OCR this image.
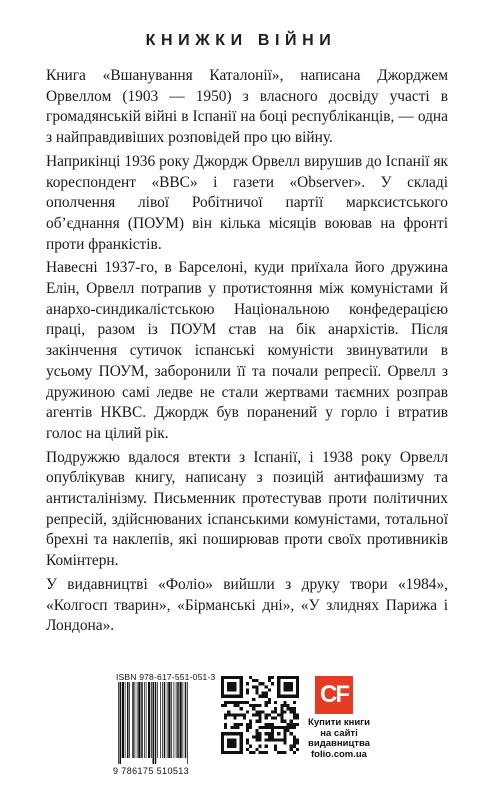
КНИЖКИ ВІЙНИ

Книга «Вшанування Каталонії», написана Джорджем Орвеллом (1903 — 1950) з власного досвіду участі в громадянській війні в Іспанії на боці республіканців, — одна з найправдивіших розповідей про цю війну.

Наприкінці 1936 року Джордж Орвелл вирушив до Іспанії як кореспондент «BBC» і газети «Observer». У складі ополчення лівої Робітничої партії марксистського об’єднання (ПОУМ) він кілька місяців воював на фронті проти франкістів.

Навесні 1937-го, в Барселоні, куди приїхала його дружина Елін, Орвелл потрапив у протистояння між комуністами й анархо-синдикалістською Національною конфедерацією праці, разом із ПОУМ став на бік анархістів. Після закінчення сутичок іспанські комуністи звинуватили в усьому ПОУМ, заборонили її та почали репресії. Орвелл з дружиною самі ледве не стали жертвами таємних розправ агентів НКВС. Джордж був поранений у горло і втратив голос на цілий рік.

Подружжю вдалося втекти з Іспанії, і 1938 року Орвелл опублікував книгу, написану з позицій антифашизму та антисталінізму. Письменник протестував проти політичних репресій, здійснюваних іспанськими комуністами, тотальної брехні та наклепів, які поширював проти своїх противників Комінтерн.

У видавництві «Фоліо» вийшли з друку твори «1984», «Колгосп тварин», «Бірманські дні», «У злиднях Парижа і Лондона».

ISBN 978-617-551-051-3
9 786175 510513
CF
Купити книги
на сайті
видавництва
folio.com.ua
